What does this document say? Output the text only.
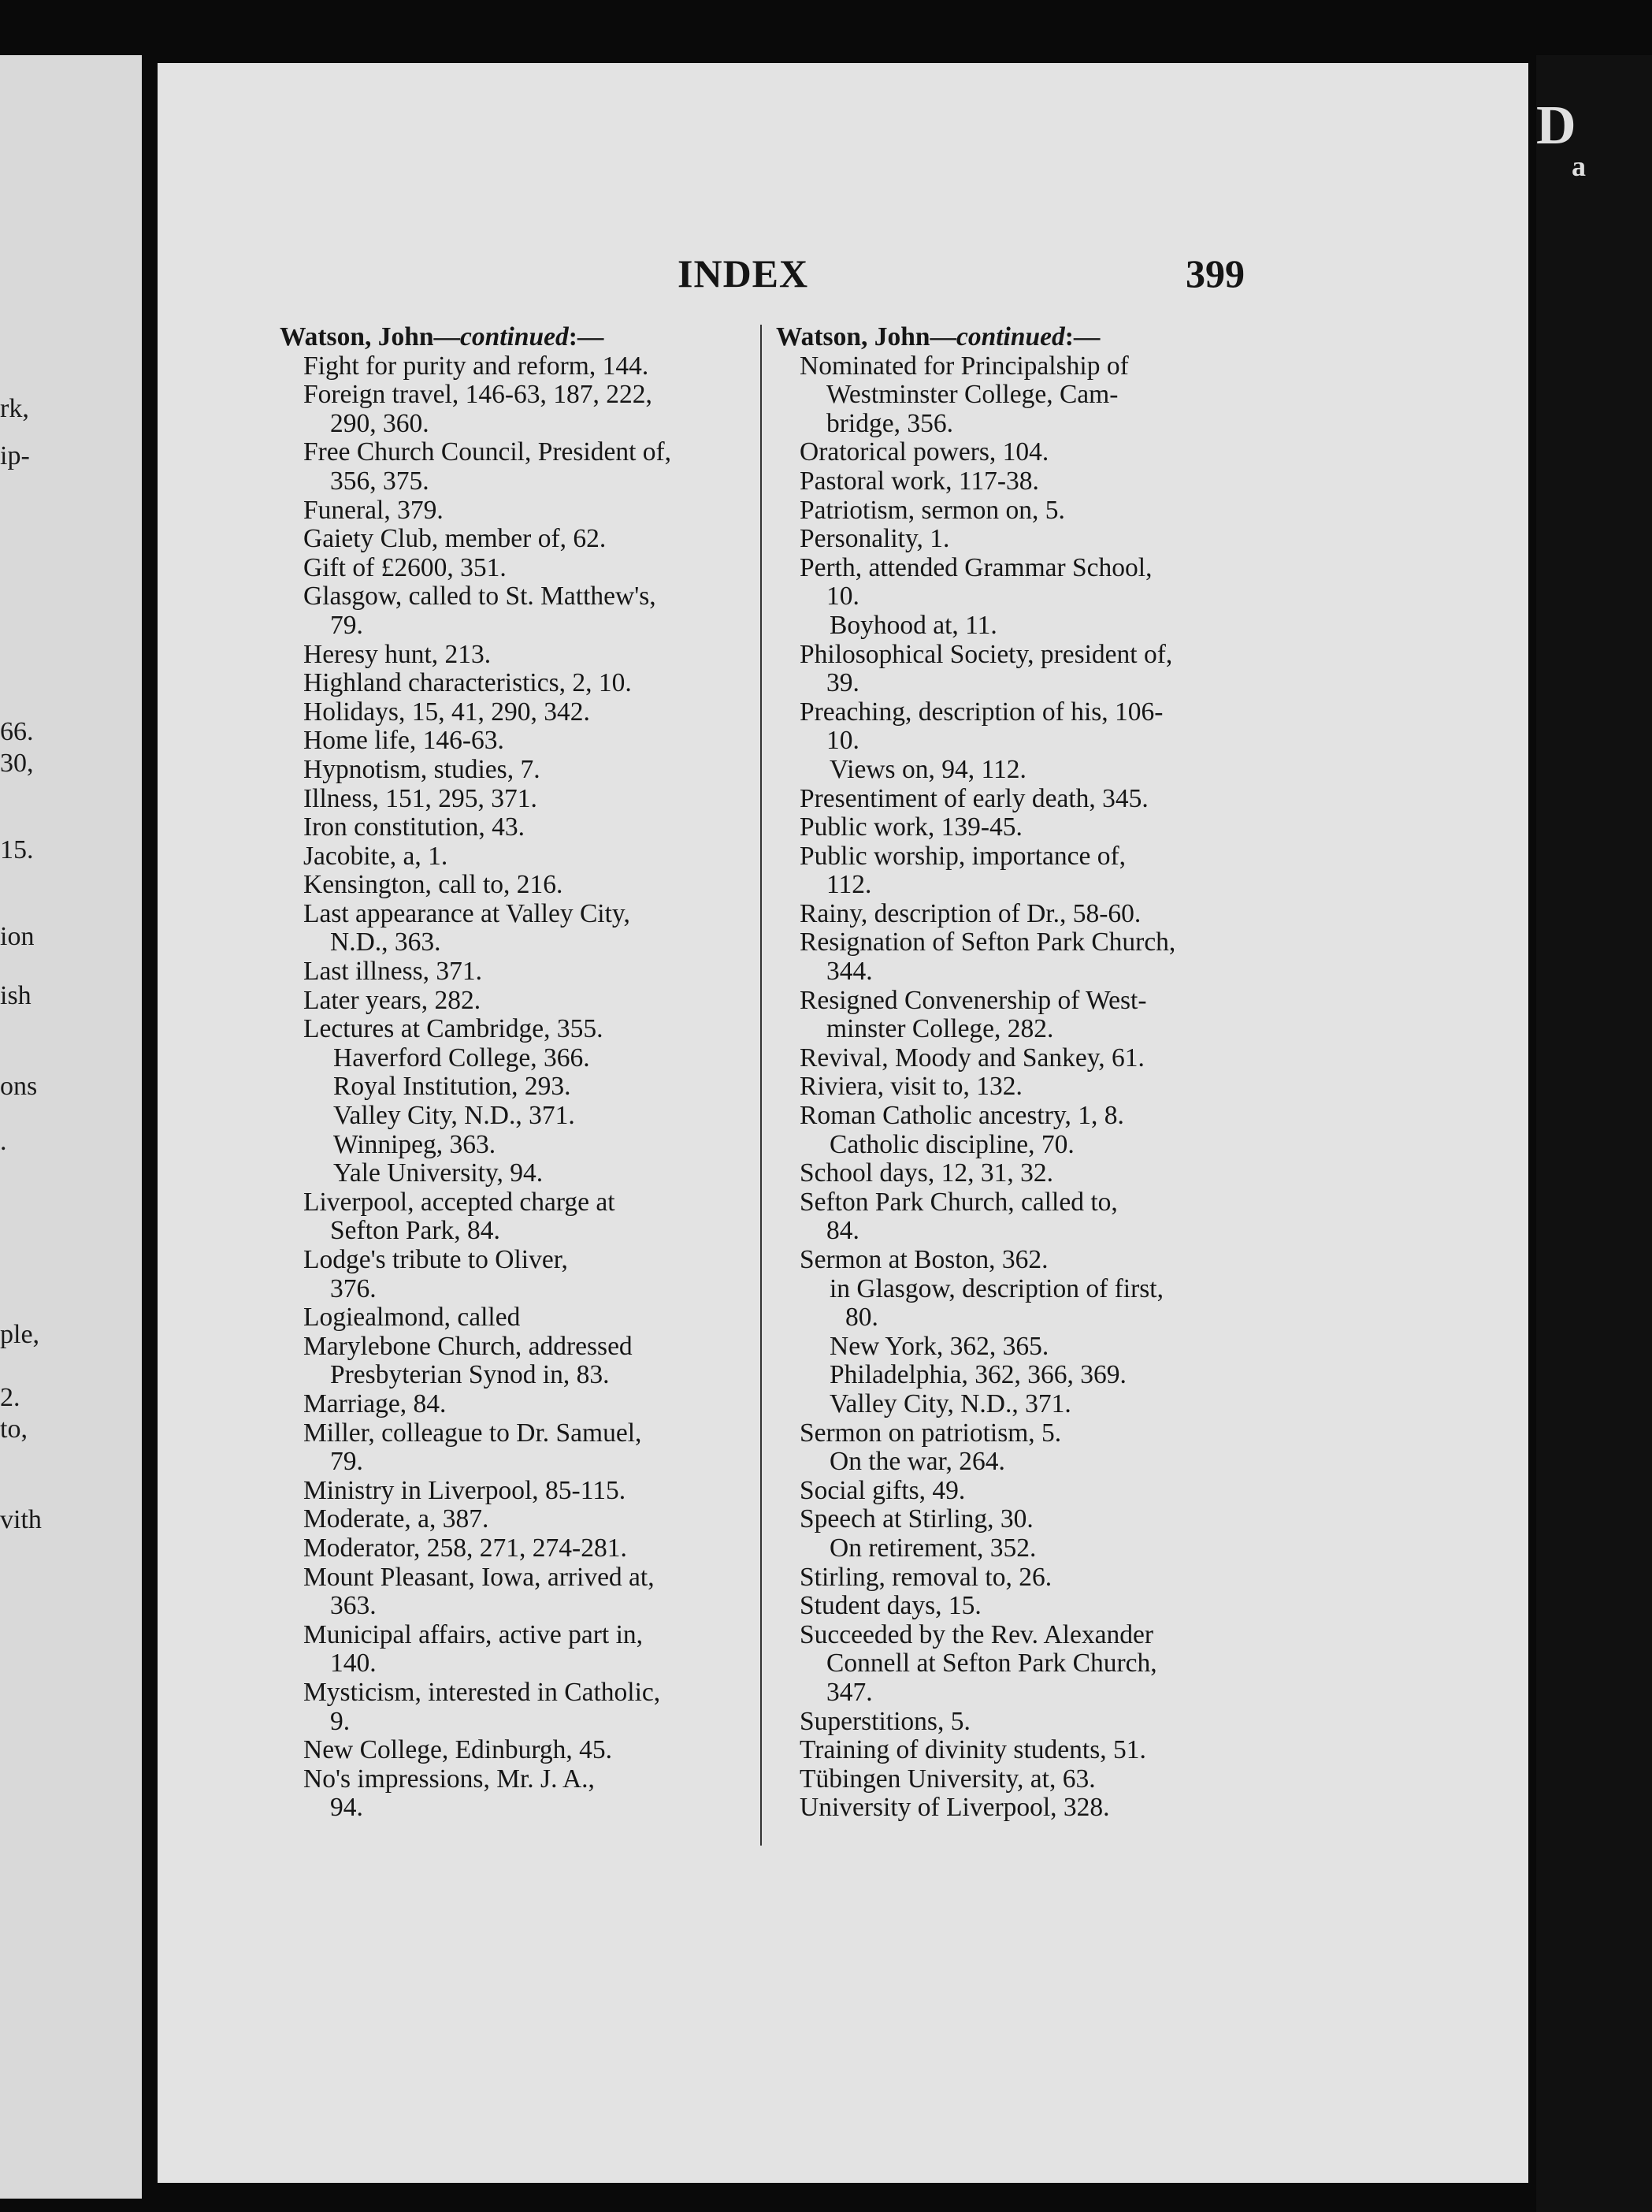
rk,
ip-
66.
30,
15.
ion
ish
ons
.
ple,
2.
to,
vith
D
a
INDEX	399

Watson, John—continued:—

Fight for purity and reform, 144.

Foreign travel, 146-63, 187, 222,
290, 360.

Free Church Council, President of,
356, 375.

Funeral, 379.

Gaiety Club, member of, 62.

Gift of £2600, 351.

Glasgow, called to St. Matthew's,
79.

Heresy hunt, 213.

Highland characteristics, 2, 10.

Holidays, 15, 41, 290, 342.

Home life, 146-63.

Hypnotism, studies, 7.

Illness, 151, 295, 371.

Iron constitution, 43.

Jacobite, a, 1.

Kensington, call to, 216.

Last appearance at Valley City,
N.D., 363.

Last illness, 371.

Later years, 282.

Lectures at Cambridge, 355.

Haverford College, 366.

Royal Institution, 293.

Valley City, N.D., 371.

Winnipeg, 363.

Yale University, 94.

Liverpool, accepted charge at
Sefton Park, 84.

Lodge's tribute to Oliver,
376.

Logiealmond, called

Marylebone Church, addressed
Presbyterian Synod in, 83.

Marriage, 84.

Miller, colleague to Dr. Samuel,
79.

Ministry in Liverpool, 85-115.

Moderate, a, 387.

Moderator, 258, 271, 274-281.

Mount Pleasant, Iowa, arrived at,
363.

Municipal affairs, active part in,
140.

Mysticism, interested in Catholic,
9.

New College, Edinburgh, 45.

No's impressions, Mr. J. A.,
94.

Watson, John—continued:—

Nominated for Principalship of
Westminster College, Cam-
bridge, 356.

Oratorical powers, 104.

Pastoral work, 117-38.

Patriotism, sermon on, 5.

Personality, 1.

Perth, attended Grammar School,
10.

Boyhood at, 11.

Philosophical Society, president of,
39.

Preaching, description of his, 106-
10.

Views on, 94, 112.

Presentiment of early death, 345.

Public work, 139-45.

Public worship, importance of,
112.

Rainy, description of Dr., 58-60.

Resignation of Sefton Park Church,
344.

Resigned Convenership of West-
minster College, 282.

Revival, Moody and Sankey, 61.

Riviera, visit to, 132.

Roman Catholic ancestry, 1, 8.

Catholic discipline, 70.

School days, 12, 31, 32.

Sefton Park Church, called to,
84.

Sermon at Boston, 362.

in Glasgow, description of first,
80.

New York, 362, 365.

Philadelphia, 362, 366, 369.

Valley City, N.D., 371.

Sermon on patriotism, 5.

On the war, 264.

Social gifts, 49.

Speech at Stirling, 30.

On retirement, 352.

Stirling, removal to, 26.

Student days, 15.

Succeeded by the Rev. Alexander
Connell at Sefton Park Church,
347.

Superstitions, 5.

Training of divinity students, 51.

Tübingen University, at, 63.

University of Liverpool, 328.
